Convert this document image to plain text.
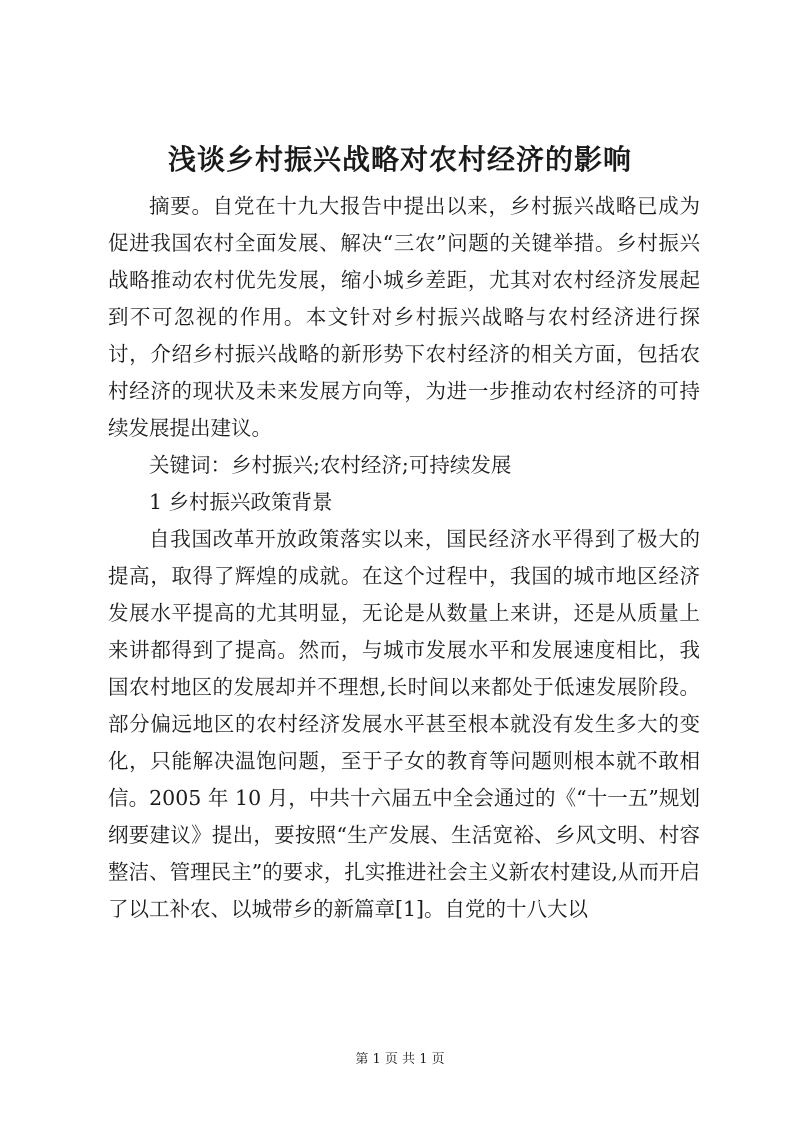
浅谈乡村振兴战略对农村经济的影响

摘要。自党在十九大报告中提出以来，乡村振兴战略已成为促进我国农村全面发展、解决“三农”问题的关键举措。乡村振兴战略推动农村优先发展，缩小城乡差距，尤其对农村经济发展起到不可忽视的作用。本文针对乡村振兴战略与农村经济进行探讨，介绍乡村振兴战略的新形势下农村经济的相关方面，包括农村经济的现状及未来发展方向等，为进一步推动农村经济的可持续发展提出建议。

关键词：乡村振兴;农村经济;可持续发展

1 乡村振兴政策背景

自我国改革开放政策落实以来，国民经济水平得到了极大的提高，取得了辉煌的成就。在这个过程中，我国的城市地区经济发展水平提高的尤其明显，无论是从数量上来讲，还是从质量上来讲都得到了提高。然而，与城市发展水平和发展速度相比，我国农村地区的发展却并不理想,长时间以来都处于低速发展阶段。部分偏远地区的农村经济发展水平甚至根本就没有发生多大的变化，只能解决温饱问题，至于子女的教育等问题则根本就不敢相信。2005 年 10 月，中共十六届五中全会通过的《“十一五”规划纲要建议》提出，要按照“生产发展、生活宽裕、乡风文明、村容整洁、管理民主”的要求，扎实推进社会主义新农村建设,从而开启了以工补农、以城带乡的新篇章[1]。自党的十八大以

第 1 页 共 1 页
